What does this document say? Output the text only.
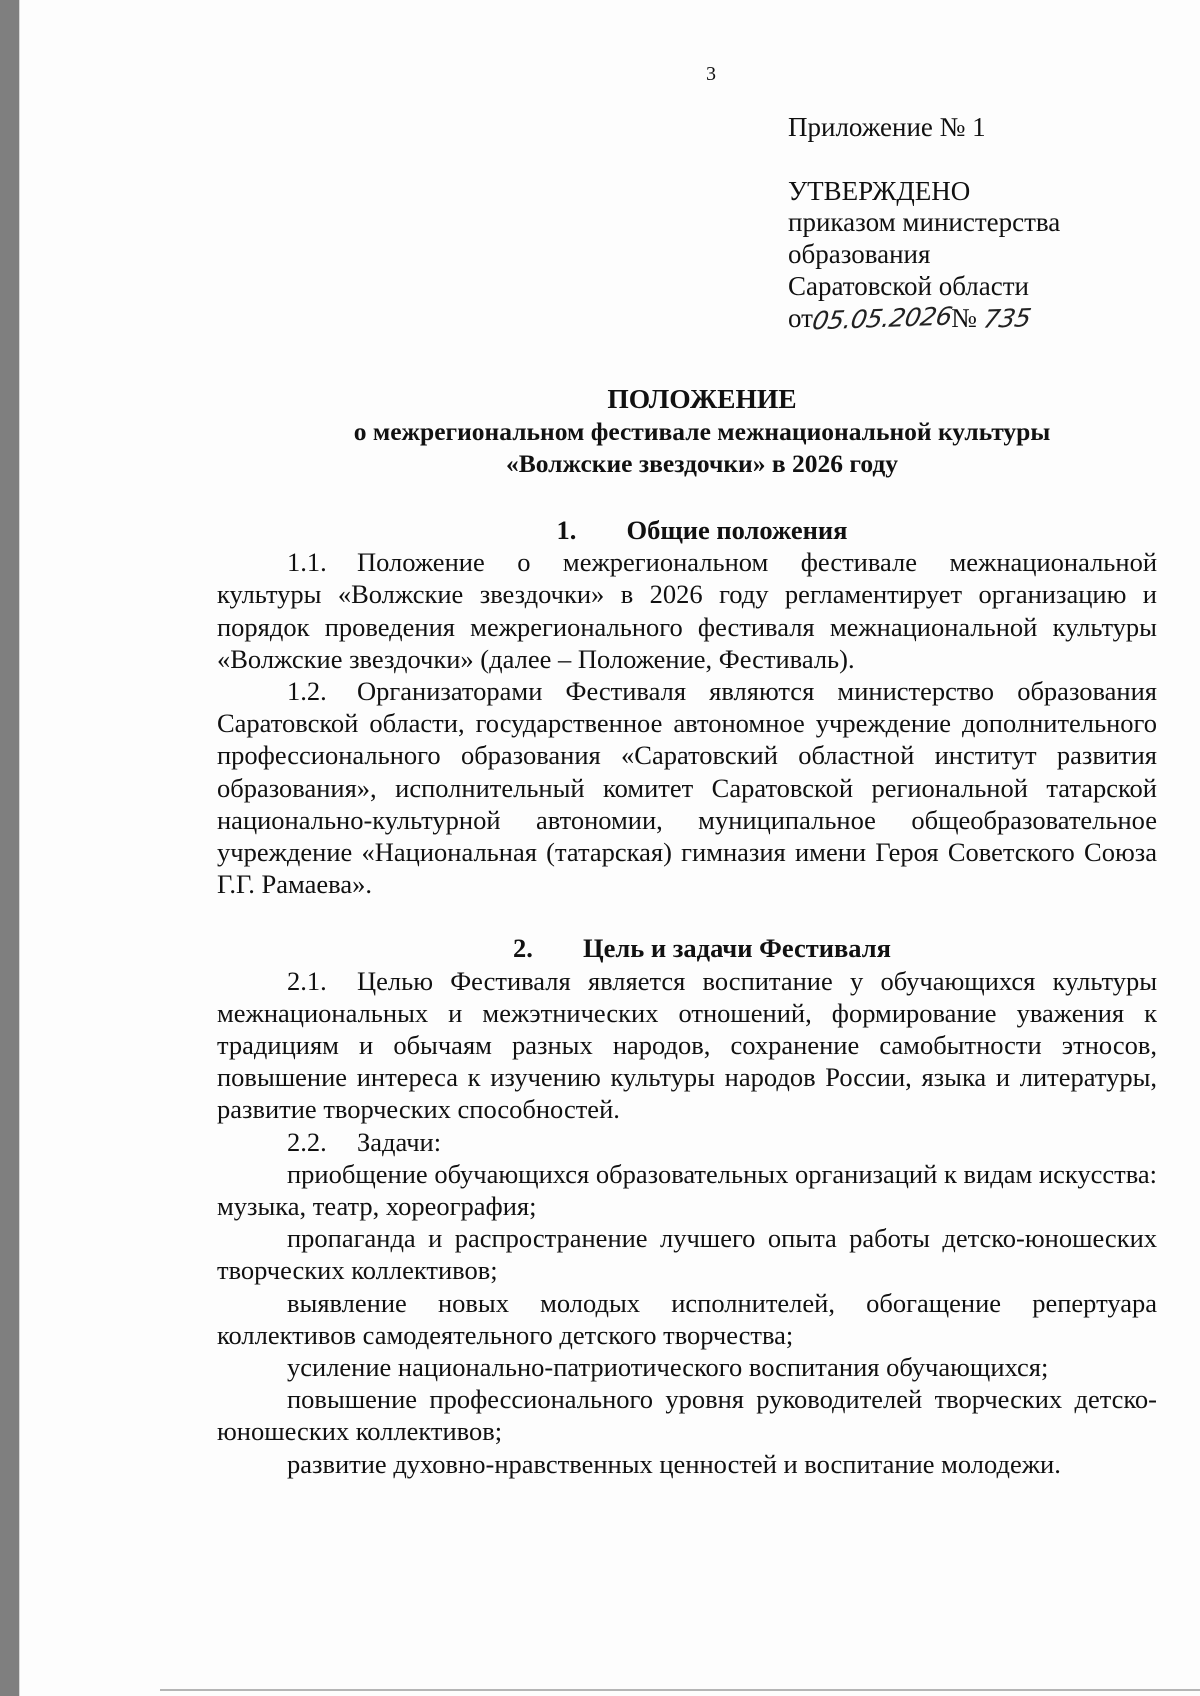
3
Приложение № 1
УТВЕРЖДЕНО
приказом министерства
образования
Саратовской области
от05.05.2026№ 735
ПОЛОЖЕНИЕ
о межрегиональном фестивале межнациональной культуры
«Волжские звездочки» в 2026 году
1. Общие положения

1.1. Положение о межрегиональном фестивале межнациональной культуры «Волжские звездочки» в 2026 году регламентирует организацию и порядок проведения межрегионального фестиваля межнациональной культуры «Волжские звездочки» (далее – Положение, Фестиваль).

1.2. Организаторами Фестиваля являются министерство образования Саратовской области, государственное автономное учреждение дополнительного профессионального образования «Саратовский областной институт развития образования», исполнительный комитет Саратовской региональной татарской национально-культурной автономии, муниципальное общеобразовательное учреждение «Национальная (татарская) гимназия имени Героя Советского Союза Г.Г. Рамаева».

2. Цель и задачи Фестиваля

2.1. Целью Фестиваля является воспитание у обучающихся культуры межнациональных и межэтнических отношений, формирование уважения к традициям и обычаям разных народов, сохранение самобытности этносов, повышение интереса к изучению культуры народов России, языка и литературы, развитие творческих способностей.

2.2. Задачи:

приобщение обучающихся образовательных организаций к видам искусства: музыка, театр, хореография;
пропаганда и распространение лучшего опыта работы детско-юношеских творческих коллективов;
выявление новых молодых исполнителей, обогащение репертуара коллективов самодеятельного детского творчества;
усиление национально-патриотического воспитания обучающихся;
повышение профессионального уровня руководителей творческих детско-юношеских коллективов;
развитие духовно-нравственных ценностей и воспитание молодежи.
